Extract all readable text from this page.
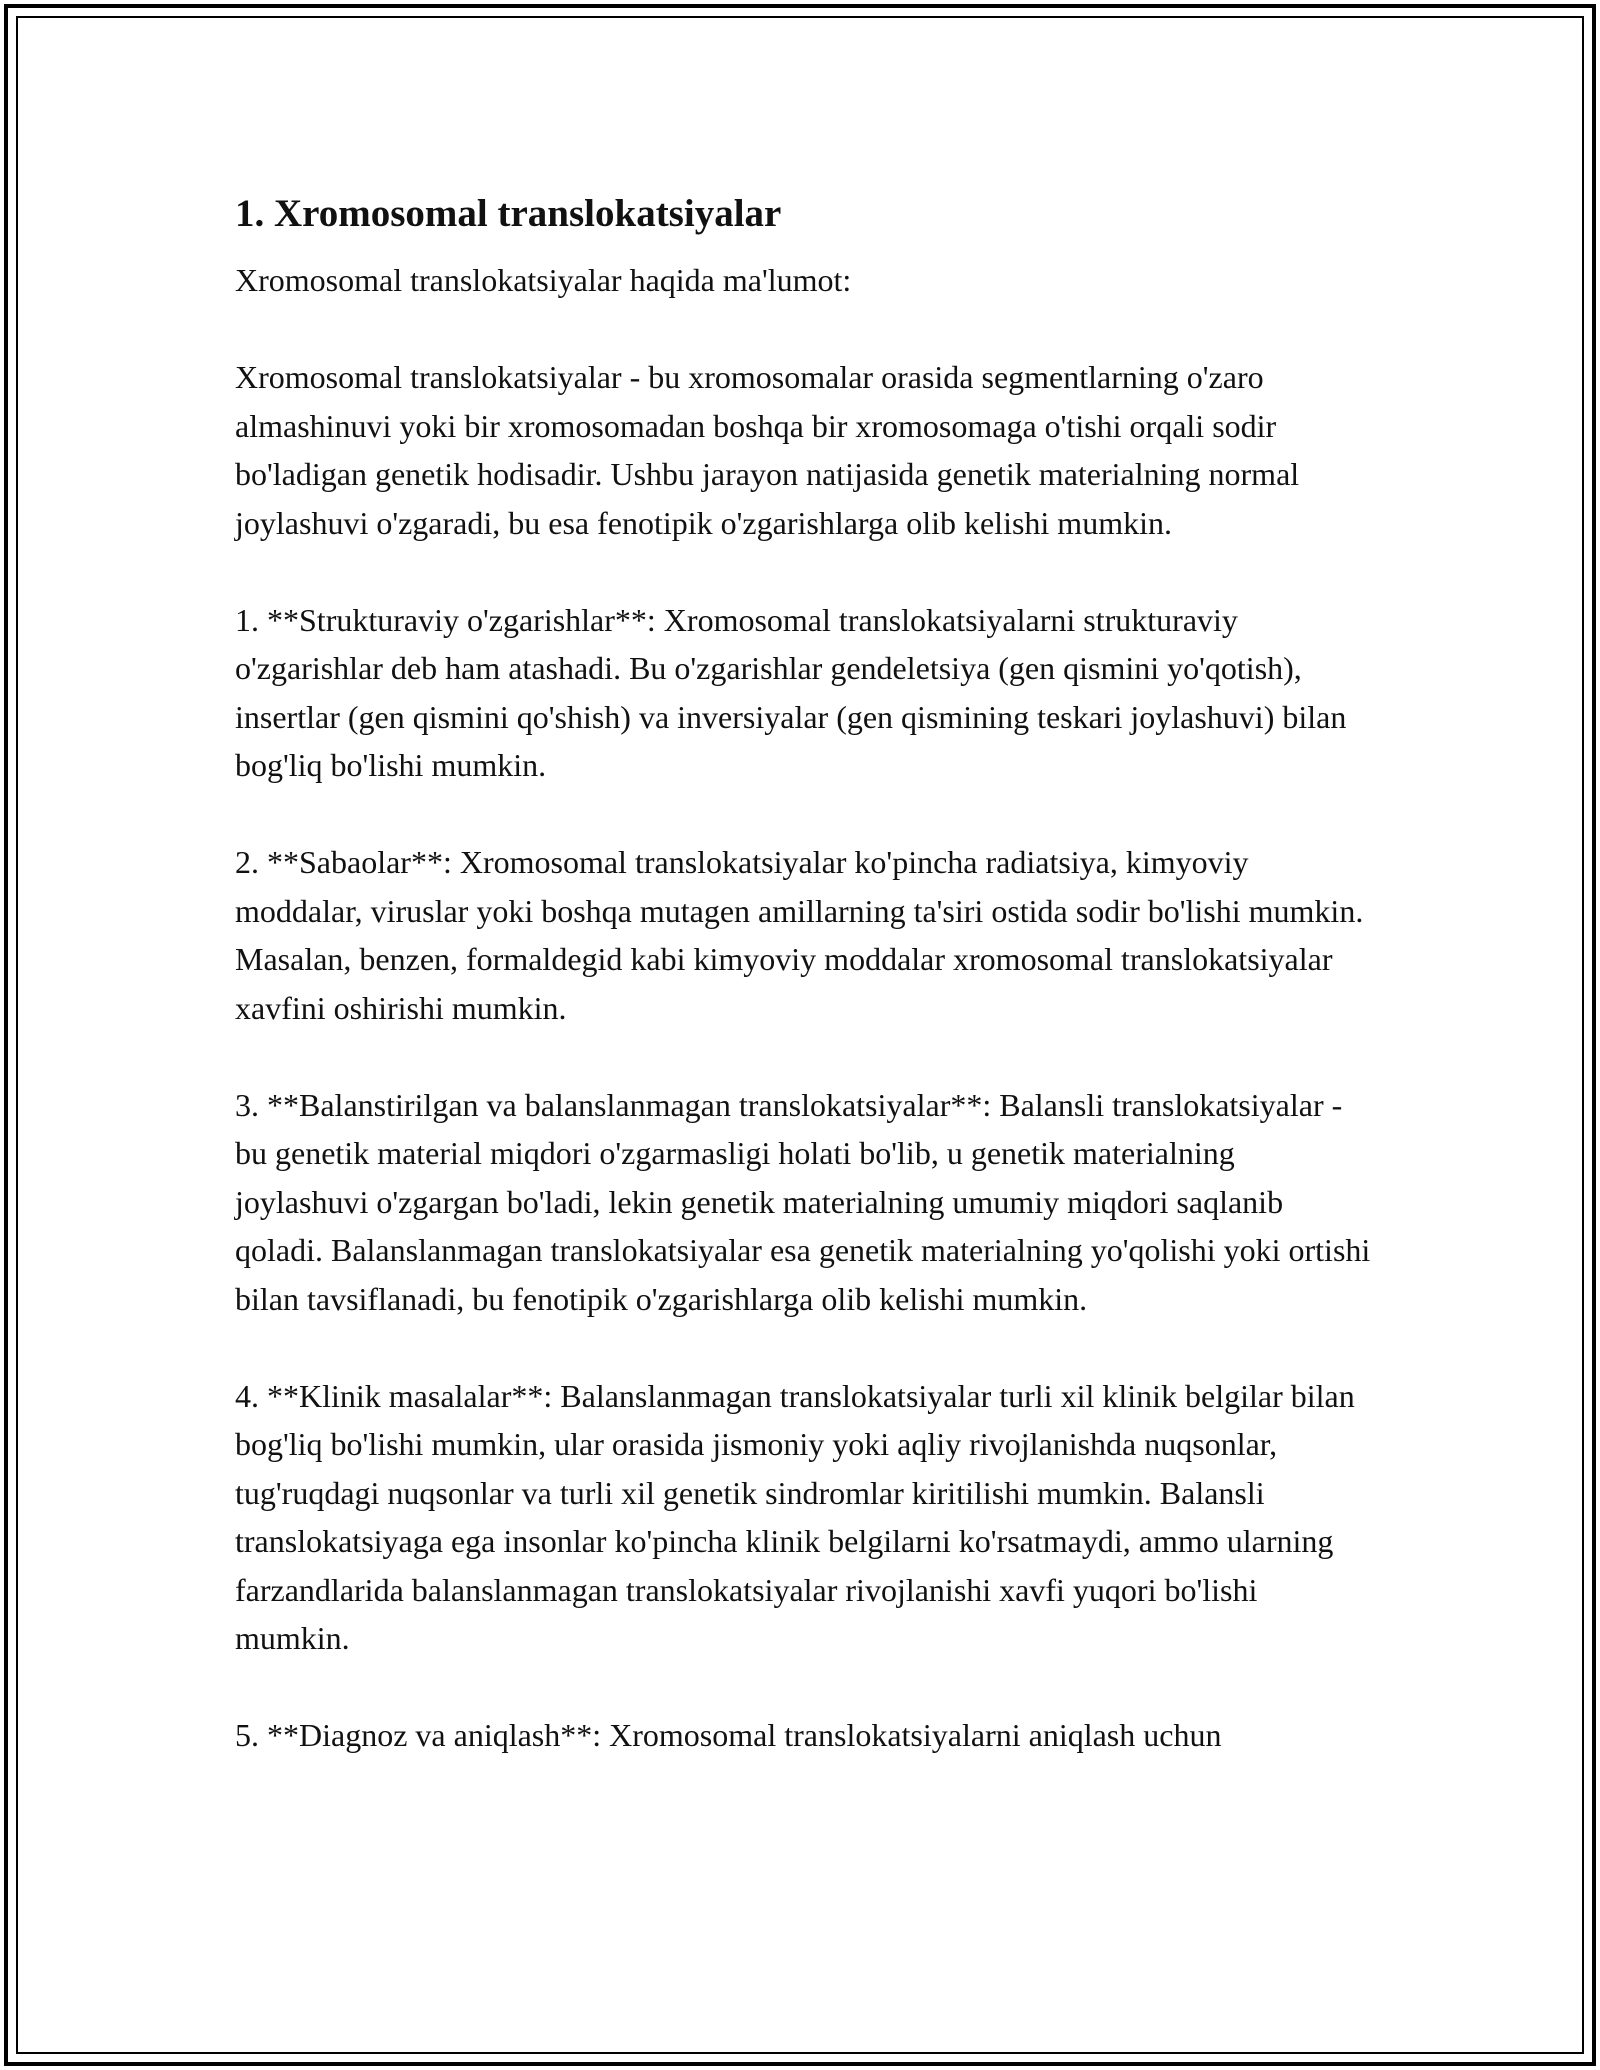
1. Xromosomal translokatsiyalar

Xromosomal translokatsiyalar haqida ma'lumot:

Xromosomal translokatsiyalar - bu xromosomalar orasida segmentlarning o'zaro almashinuvi yoki bir xromosomadan boshqa bir xromosomaga o'tishi orqali sodir bo'ladigan genetik hodisadir. Ushbu jarayon natijasida genetik materialning normal joylashuvi o'zgaradi, bu esa fenotipik o'zgarishlarga olib kelishi mumkin.

1. **Strukturaviy o'zgarishlar**: Xromosomal translokatsiyalarni strukturaviy o'zgarishlar deb ham atashadi. Bu o'zgarishlar gendeletsiya (gen qismini yo'qotish), insertlar (gen qismini qo'shish) va inversiyalar (gen qismining teskari joylashuvi) bilan bog'liq bo'lishi mumkin.

2. **Sabaolar**: Xromosomal translokatsiyalar ko'pincha radiatsiya, kimyoviy moddalar, viruslar yoki boshqa mutagen amillarning ta'siri ostida sodir bo'lishi mumkin. Masalan, benzen, formaldegid kabi kimyoviy moddalar xromosomal translokatsiyalar xavfini oshirishi mumkin.

3. **Balanstirilgan va balanslanmagan translokatsiyalar**: Balansli translokatsiyalar - bu genetik material miqdori o'zgarmasligi holati bo'lib, u genetik materialning joylashuvi o'zgargan bo'ladi, lekin genetik materialning umumiy miqdori saqlanib qoladi. Balanslanmagan translokatsiyalar esa genetik materialning yo'qolishi yoki ortishi bilan tavsiflanadi, bu fenotipik o'zgarishlarga olib kelishi mumkin.

4. **Klinik masalalar**: Balanslanmagan translokatsiyalar turli xil klinik belgilar bilan bog'liq bo'lishi mumkin, ular orasida jismoniy yoki aqliy rivojlanishda nuqsonlar, tug'ruqdagi nuqsonlar va turli xil genetik sindromlar kiritilishi mumkin. Balansli translokatsiyaga ega insonlar ko'pincha klinik belgilarni ko'rsatmaydi, ammo ularning farzandlarida balanslanmagan translokatsiyalar rivojlanishi xavfi yuqori bo'lishi mumkin.

5. **Diagnoz va aniqlash**: Xromosomal translokatsiyalarni aniqlash uchun
